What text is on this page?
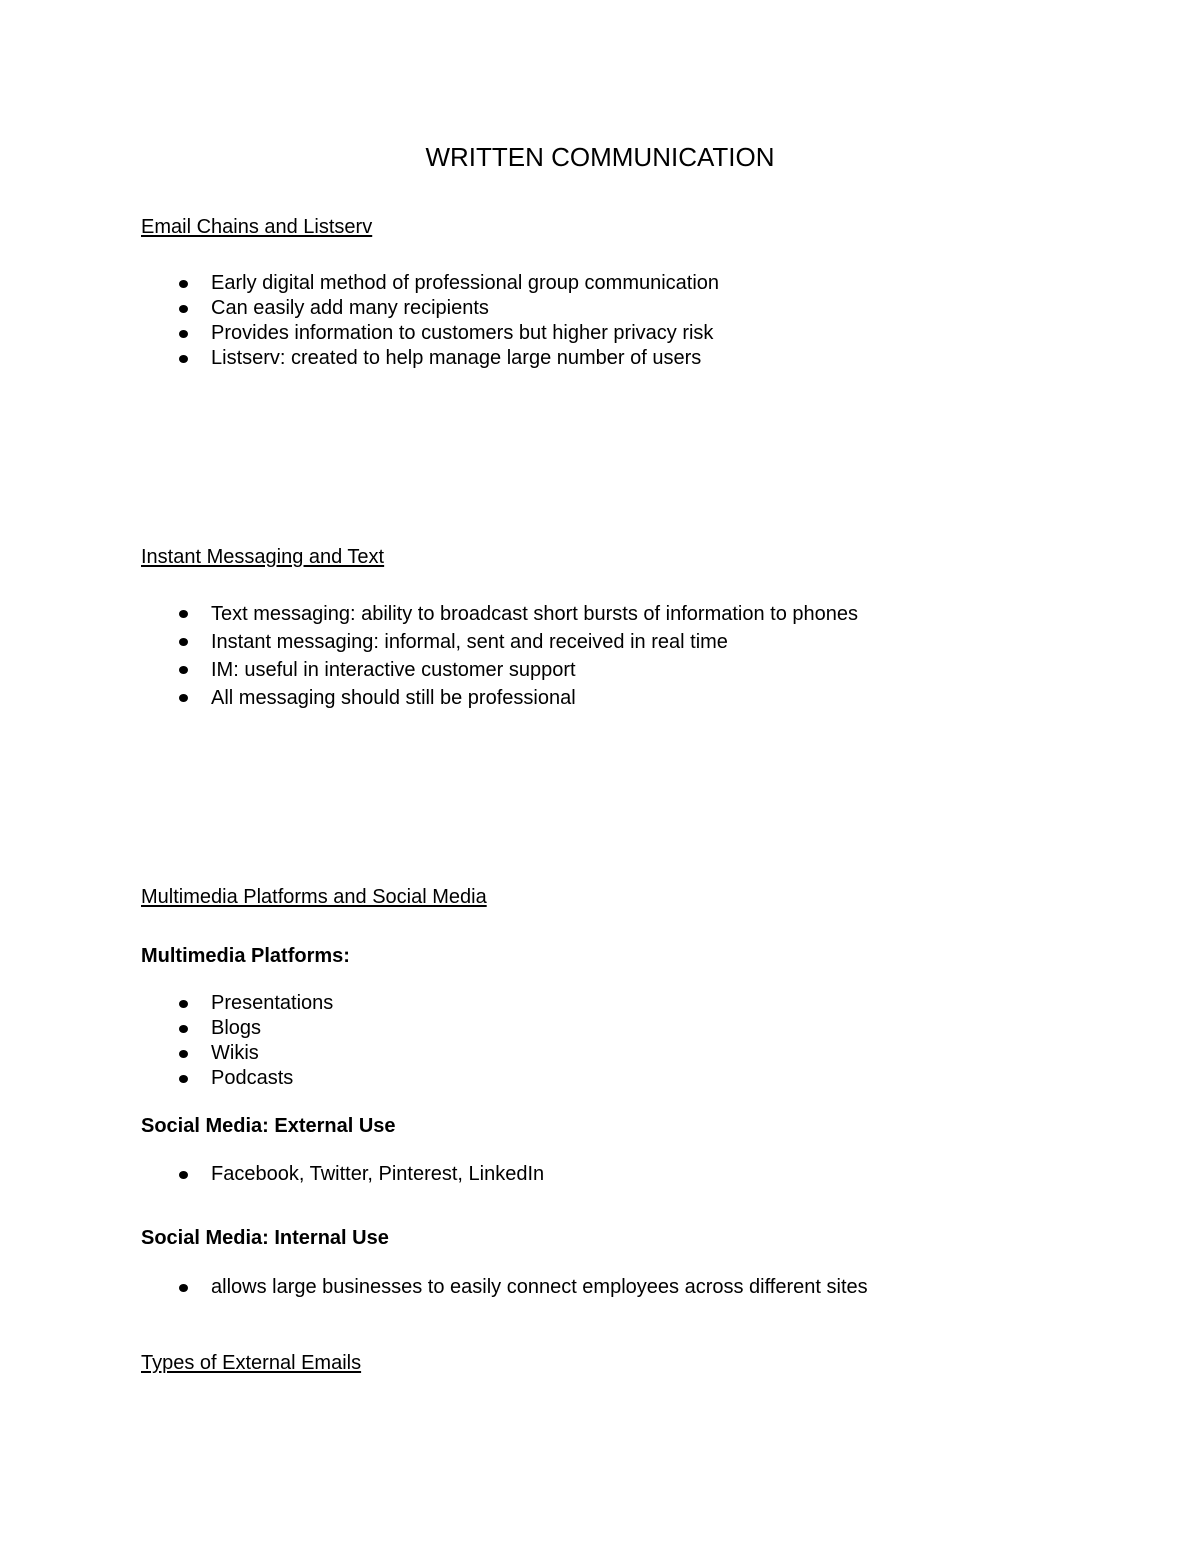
WRITTEN COMMUNICATION
Email Chains and Listserv
Early digital method of professional group communication
Can easily add many recipients
Provides information to customers but higher privacy risk
Listserv: created to help manage large number of users
Instant Messaging and Text
Text messaging: ability to broadcast short bursts of information to phones
Instant messaging: informal, sent and received in real time
IM: useful in interactive customer support
All messaging should still be professional
Multimedia Platforms and Social Media
Multimedia Platforms:
Presentations
Blogs
Wikis
Podcasts
Social Media: External Use
Facebook, Twitter, Pinterest, LinkedIn
Social Media: Internal Use
allows large businesses to easily connect employees across different sites
Types of External Emails
